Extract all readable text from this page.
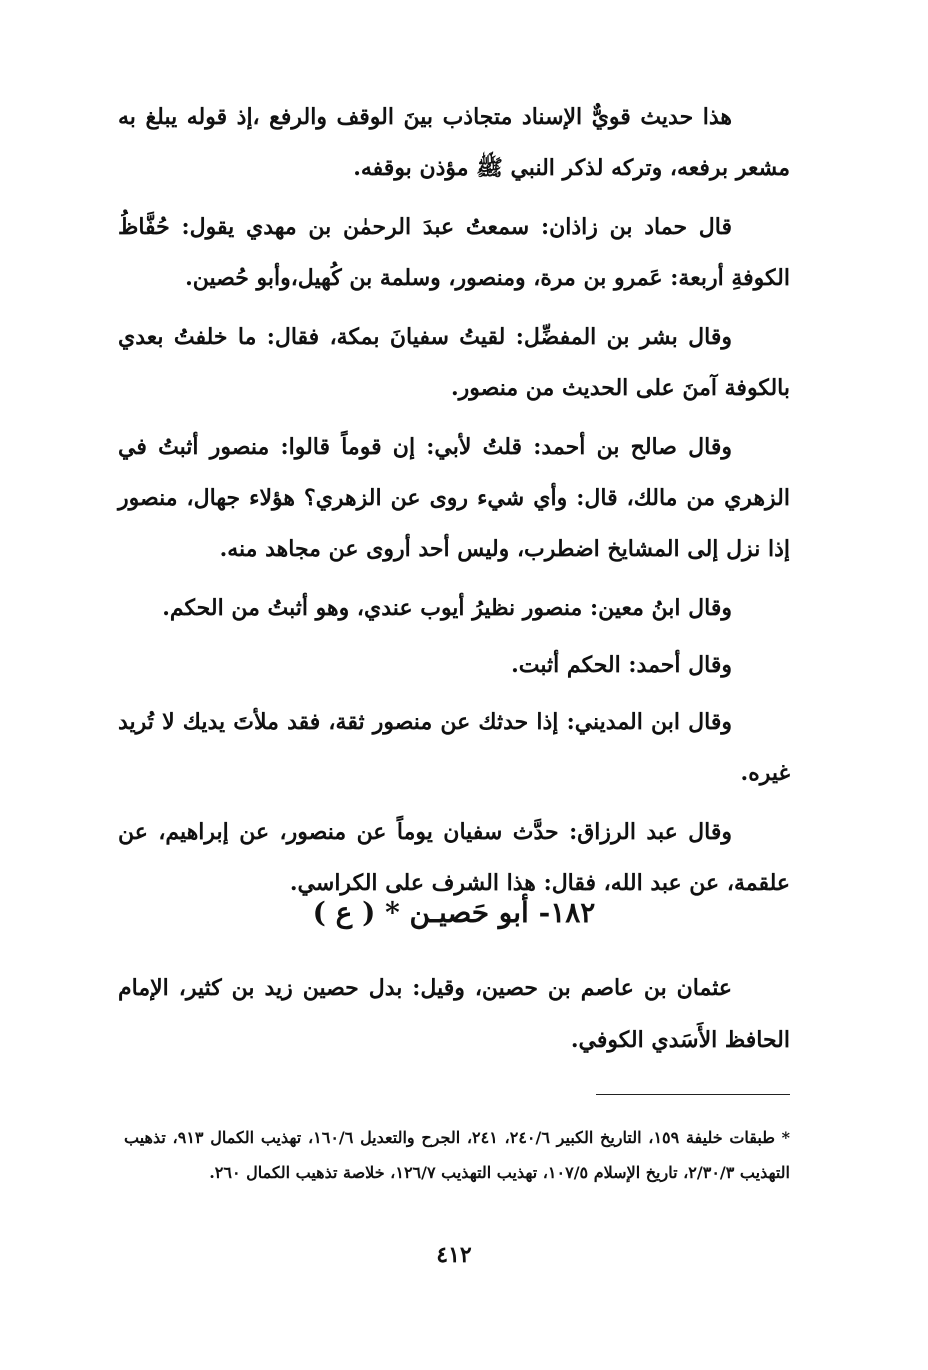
هذا حديث قويٌّ الإسناد متجاذب بينَ الوقف والرفع ،إذ قوله يبلغ به مشعر برفعه، وتركه لذكر النبي ﷺ مؤذن بوقفه.

قال حماد بن زاذان: سمعتُ عبدَ الرحمٰن بن مهدي يقول: حُفَّاظُ الكوفةِ أربعة: عَمرو بن مرة، ومنصور، وسلمة بن كُهيل،وأبو حُصين.

وقال بشر بن المفضِّل: لقيتُ سفيانَ بمكة، فقال: ما خلفتُ بعدي بالكوفة آمنَ على الحديث من منصور.

وقال صالح بن أحمد: قلتُ لأبي: إن قوماً قالوا: منصور أثبتُ في الزهري من مالك، قال: وأي شيء روى عن الزهري؟ هؤلاء جهال، منصور إذا نزل إلى المشايخ اضطرب، وليس أحد أروى عن مجاهد منه.

وقال ابنُ معين: منصور نظيرُ أيوب عندي، وهو أثبتُ من الحكم.

وقال أحمد: الحكم أثبت.

وقال ابن المديني: إذا حدثك عن منصور ثقة، فقد ملأتَ يديك لا تُريد غيره.

وقال عبد الرزاق: حدَّث سفيان يوماً عن منصور، عن إبراهيم، عن علقمة، عن عبد الله، فقال: هذا الشرف على الكراسي.

١٨٢- أبو حَصيـن * ( ع )

عثمان بن عاصم بن حصين، وقيل: بدل حصين زيد بن كثير، الإمام الحافظ الأَسَدي الكوفي.

* طبقات خليفة ١٥٩، التاريخ الكبير ٢٤٠/٦، ٢٤١، الجرح والتعديل ١٦٠/٦، تهذيب الكمال ٩١٣، تذهيب التهذيب ٢/٣٠/٣، تاريخ الإسلام ١٠٧/٥، تهذيب التهذيب ١٢٦/٧، خلاصة تذهيب الكمال ٢٦٠.

٤١٢
